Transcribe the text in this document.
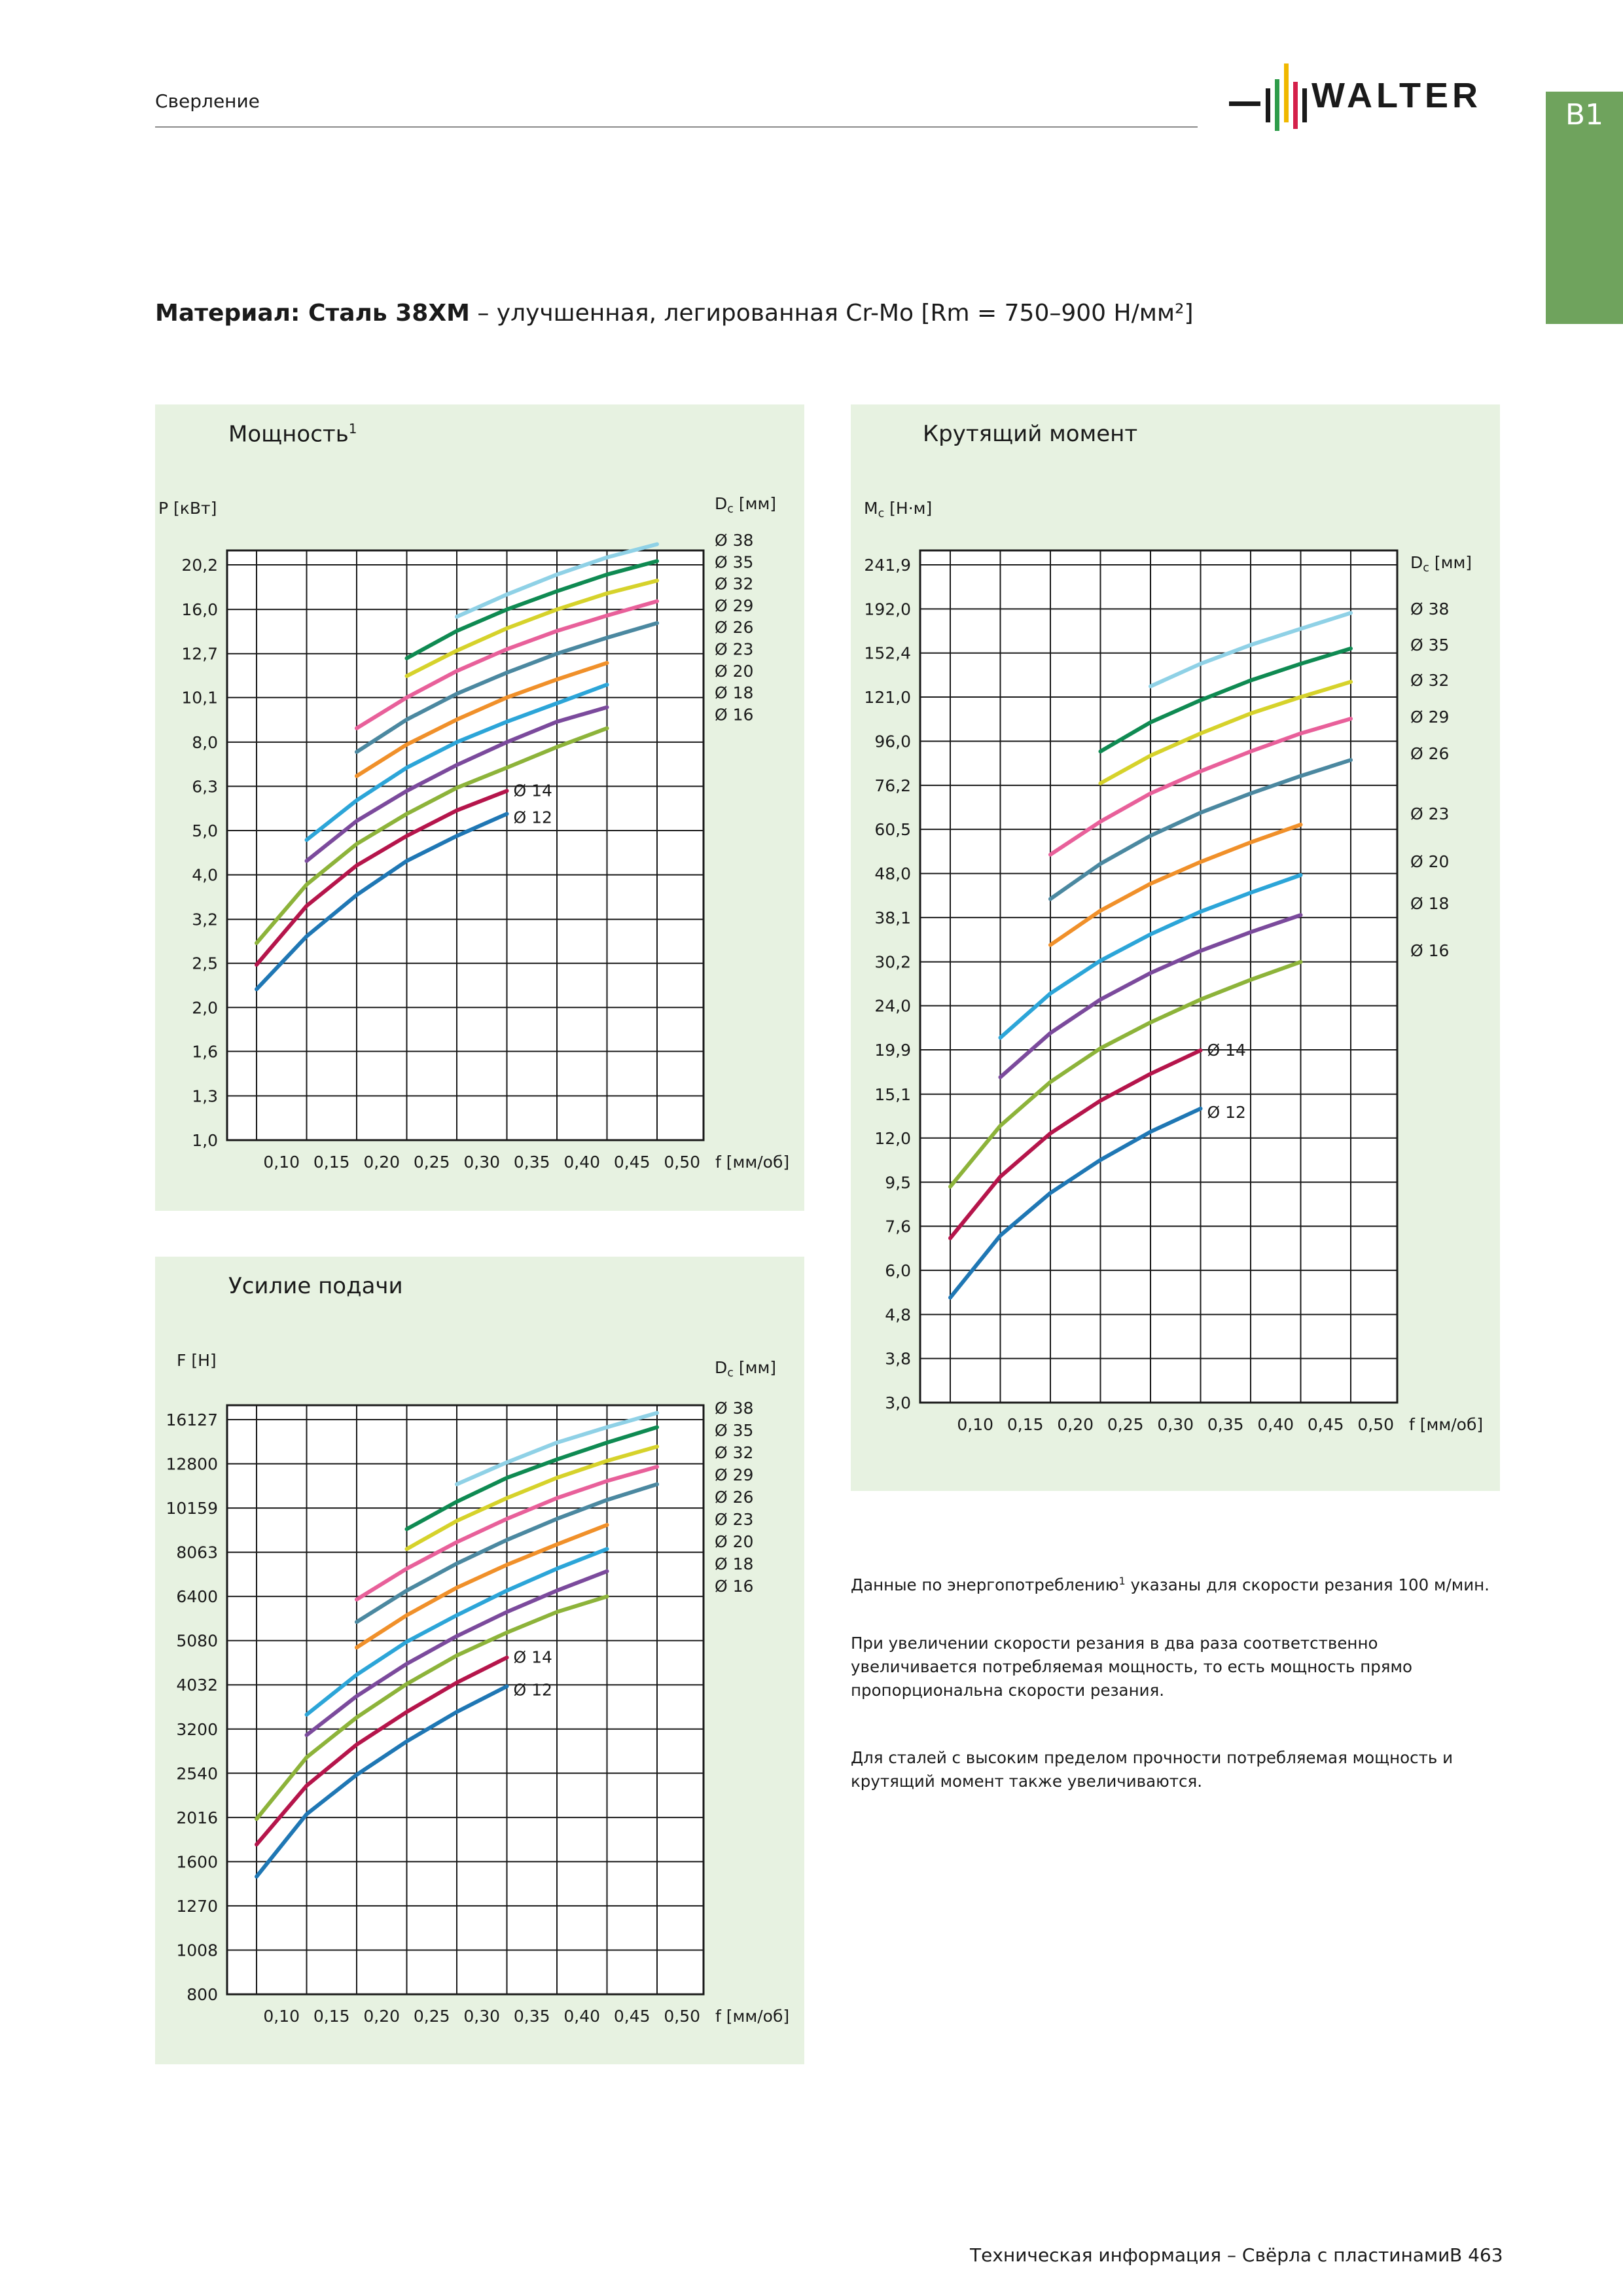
Сверление	WALTER	B1
Материал: Сталь 38ХМ – улучшенная, легированная Cr-Mo [Rm = 750–900 Н/мм²]
Мощность$^1$
0,10 0,15 0,20 0,25 0,30 0,35 0,40 0,45 0,50
1,0
1,3
1,6
2,0
2,5
3,2
4,0
5,0
6,3
8,0
10,1
12,7
16,0
20,2
f [мм/об]
P [кВт]	$D_c$ [мм]
Ø 14
Ø 12
Ø 38
Ø 35
Ø 32
Ø 29
Ø 26
Ø 23
Ø 20
Ø 18
Ø 16
Крутящий момент
0,10 0,15 0,20 0,25 0,30 0,35 0,40 0,45 0,50
3,0
3,8
4,8
6,0
7,6
9,5
12,0
15,1
19,9
24,0
30,2
38,1
48,0
60,5
76,2
96,0
121,0
152,4
192,0
241,9
f [мм/об]
$M_c$ [Н·м]
$D_c$ [мм]
Ø 14
Ø 12
Ø 38
Ø 35
Ø 32
Ø 29
Ø 26
Ø 23
Ø 20
Ø 18
Ø 16
Усилие подачи
0,10 0,15 0,20 0,25 0,30 0,35 0,40 0,45 0,50
800
1008
1270
1600
2016
2540
3200
4032
5080
6400
8063
10159
12800
16127
f [мм/об]
F [Н]	$D_c$ [мм]
Ø 14
Ø 12
Ø 38
Ø 35
Ø 32
Ø 29
Ø 26
Ø 23
Ø 20
Ø 18
Ø 16	Данные по энергопотреблению$^1$ указаны для скорости резания 100 м/мин.
При увеличении скорости резания в два раза соответственно увеличивается потребляемая мощность, то есть мощность прямо пропорциональна скорости резания.
Для сталей с высоким пределом прочности потребляемая мощность и крутящий момент также увеличиваются.
Техническая информация – Свёрла с пластинами B 463
